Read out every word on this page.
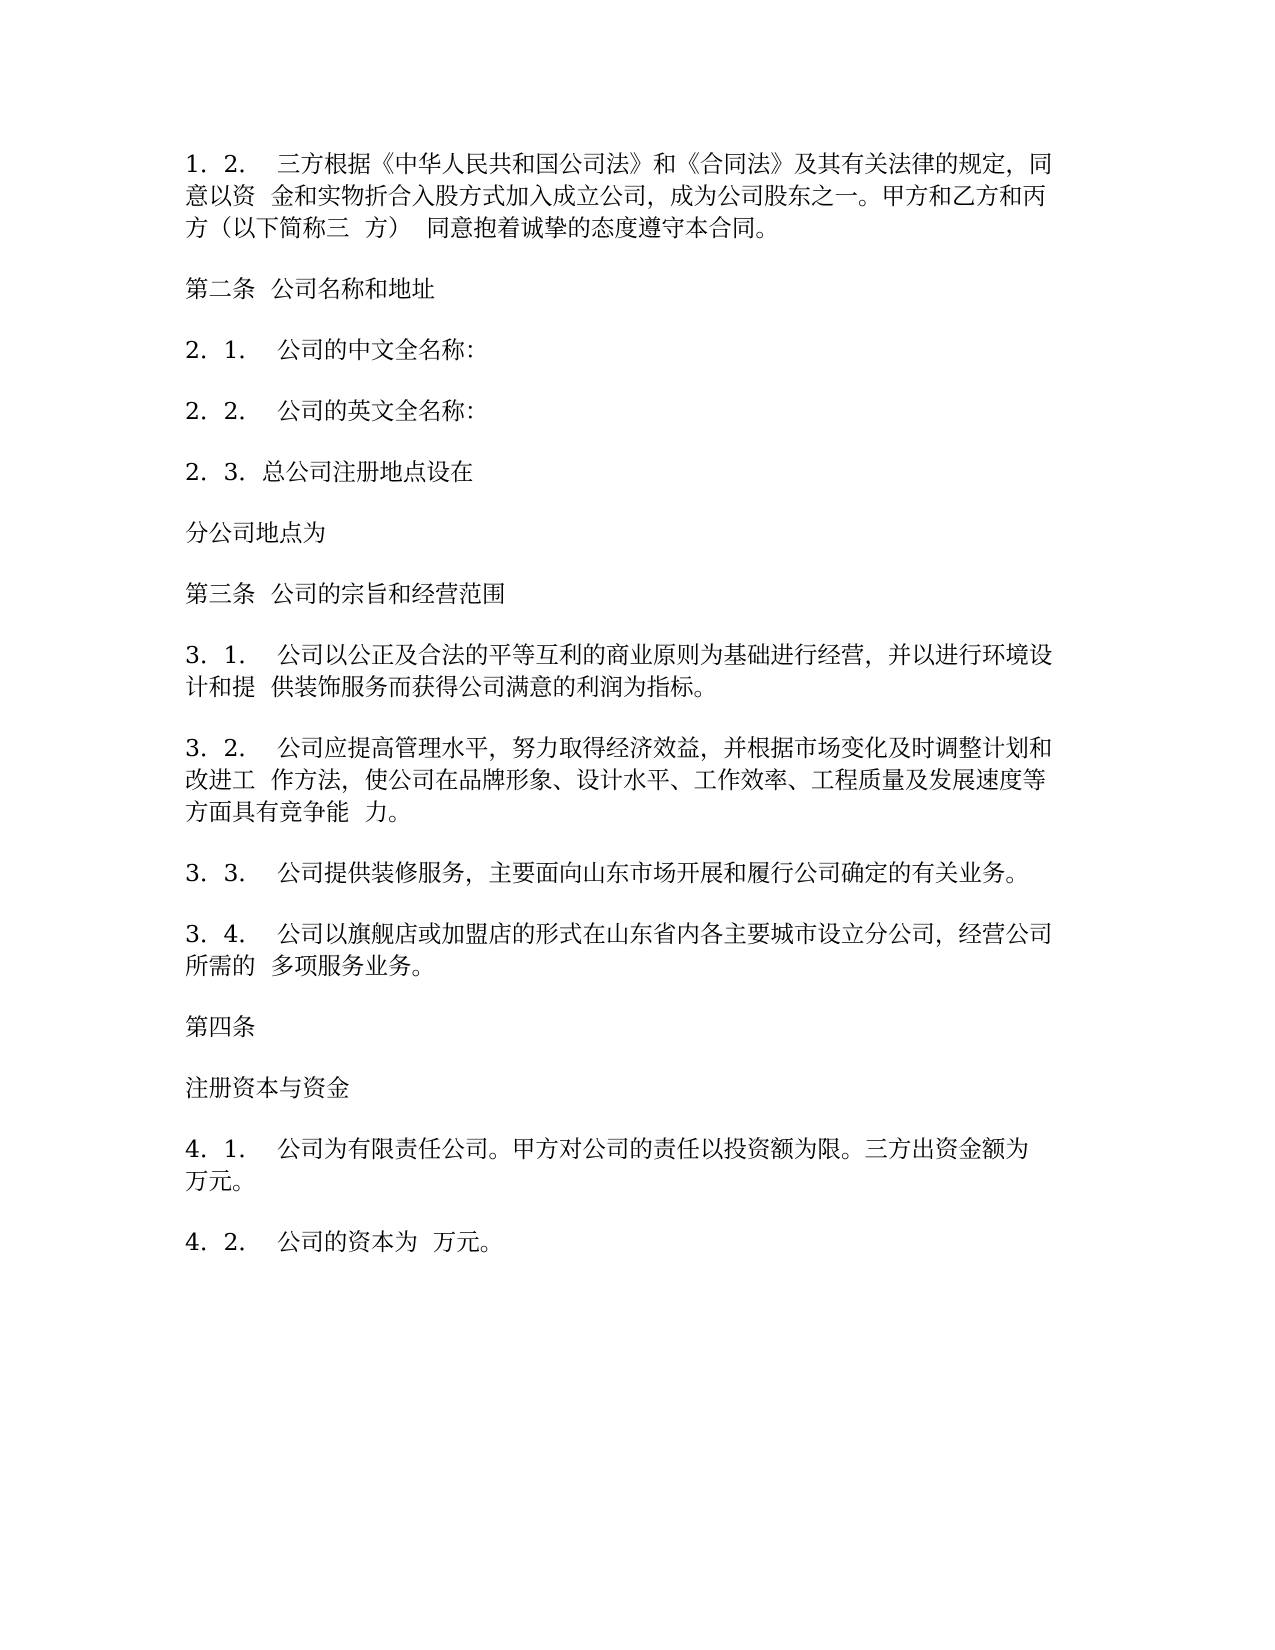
1．2．  三方根据《中华人民共和国公司法》和《合同法》及其有关法律的规定，同
意以资  金和实物折合入股方式加入成立公司，成为公司股东之一。甲方和乙方和丙
方（以下简称三  方）  同意抱着诚挚的态度遵守本合同。

第二条  公司名称和地址

2．1．  公司的中文全名称：

2．2．  公司的英文全名称：

2．3．总公司注册地点设在

分公司地点为

第三条  公司的宗旨和经营范围

3．1．  公司以公正及合法的平等互利的商业原则为基础进行经营，并以进行环境设
计和提  供装饰服务而获得公司满意的利润为指标。

3．2．  公司应提高管理水平，努力取得经济效益，并根据市场变化及时调整计划和
改进工  作方法，使公司在品牌形象、设计水平、工作效率、工程质量及发展速度等
方面具有竞争能  力。

3．3．  公司提供装修服务，主要面向山东市场开展和履行公司确定的有关业务。

3．4．  公司以旗舰店或加盟店的形式在山东省内各主要城市设立分公司，经营公司
所需的  多项服务业务。

第四条

注册资本与资金

4．1．  公司为有限责任公司。甲方对公司的责任以投资额为限。三方出资金额为
万元。

4．2．  公司的资本为  万元。
